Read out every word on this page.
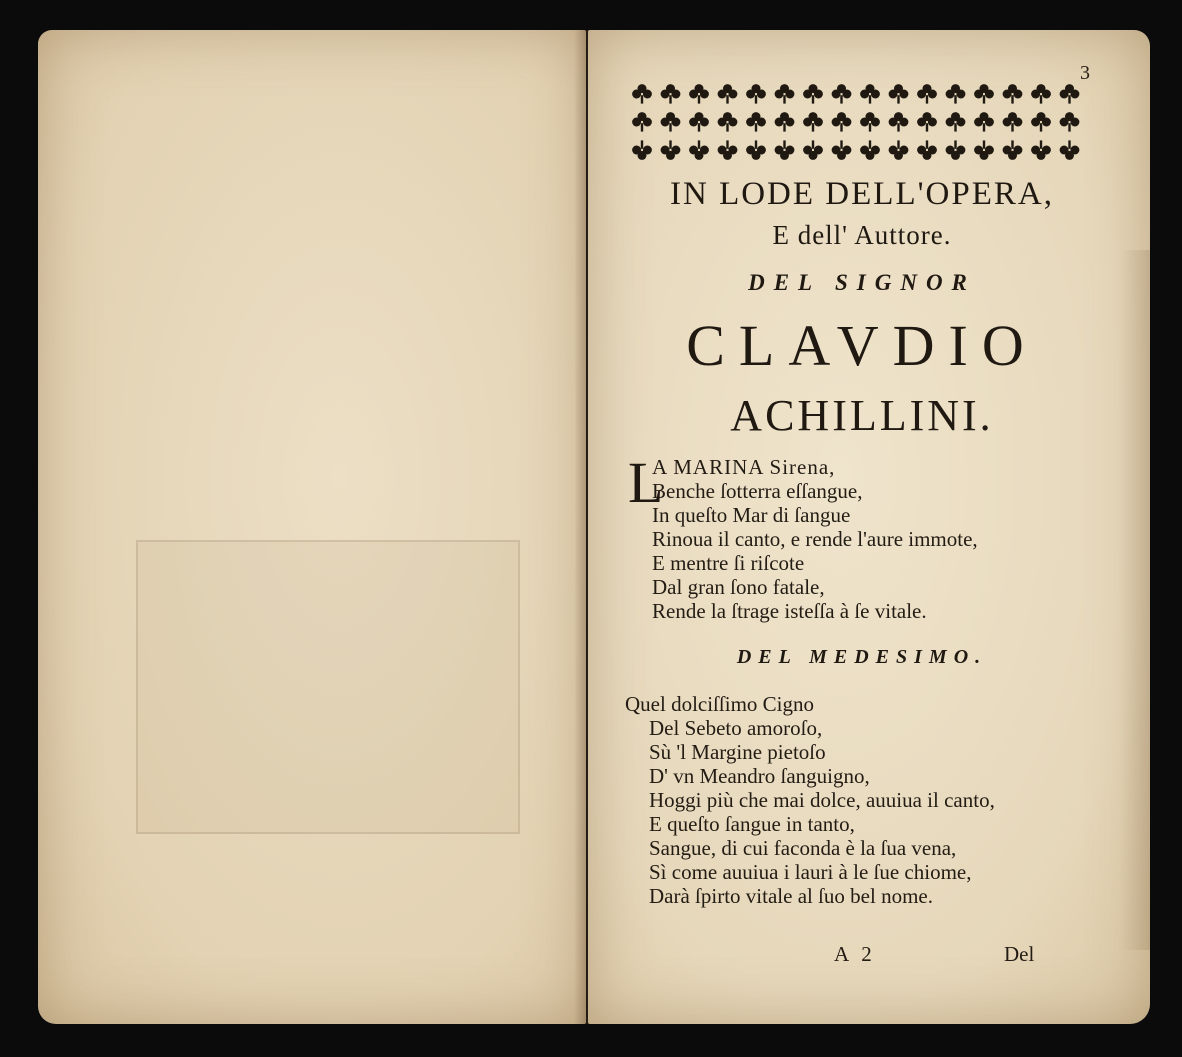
3
IN LODE DELL'OPERA,
E dell' Auttore.
DEL SIGNOR
CLAVDIO
ACHILLINI.
L
A MARINA Sirena,
Benche ſotterra eſſangue,
In queſto Mar di ſangue
Rinoua il canto, e rende l'aure immote,
E mentre ſi riſcote
Dal gran ſono fatale,
Rende la ſtrage isteſſa à ſe vitale.
DEL MEDESIMO.
Quel dolciſſimo Cigno
Del Sebeto amoroſo,
Sù 'l Margine pietoſo
D' vn Meandro ſanguigno,
Hoggi più che mai dolce, auuiua il canto,
E queſto ſangue in tanto,
Sangue, di cui faconda è la ſua vena,
Sì come auuiua i lauri à le ſue chiome,
Darà ſpirto vitale al ſuo bel nome.
A 2	Del
